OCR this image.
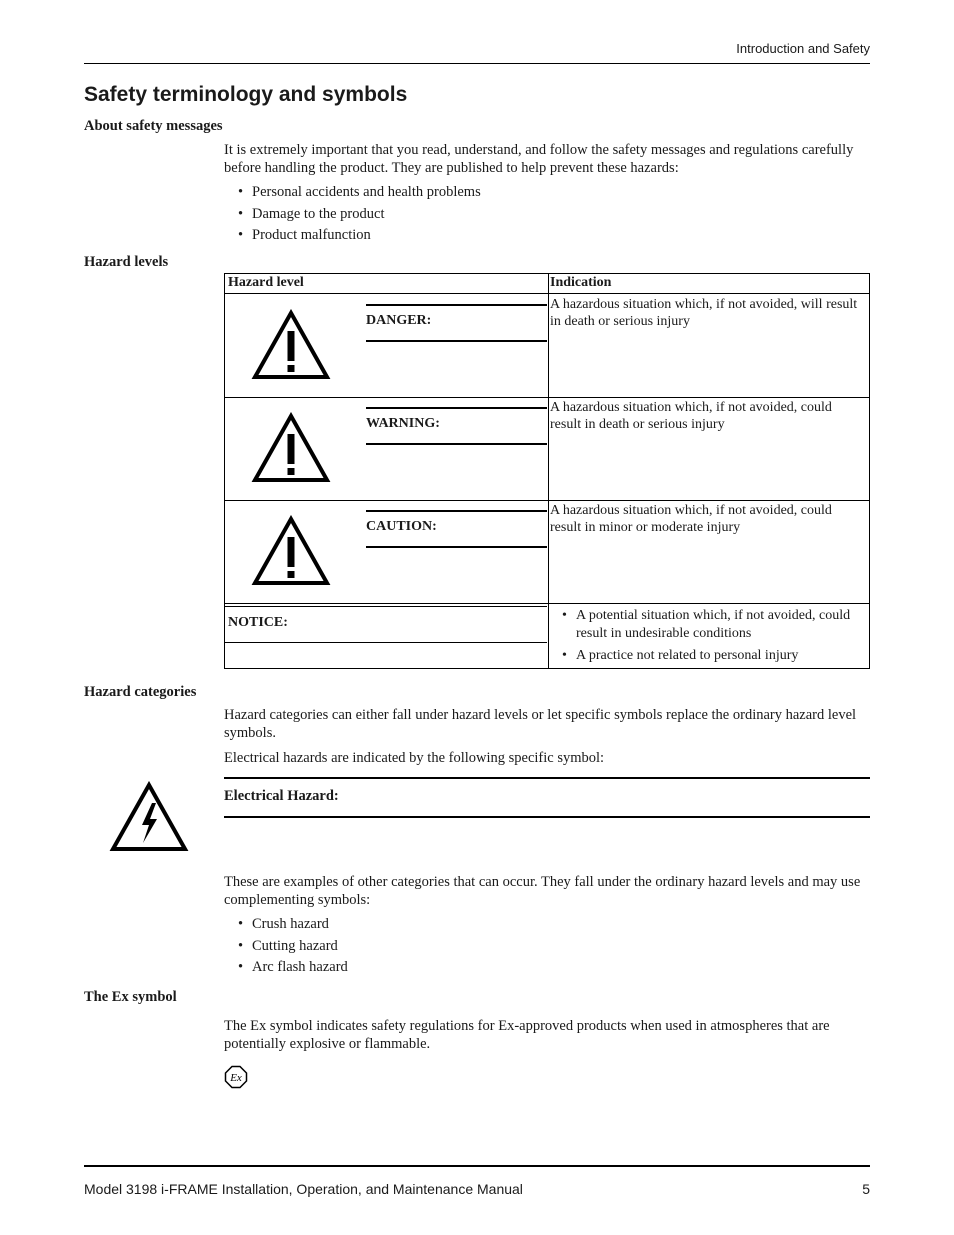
Introduction and Safety
Safety terminology and symbols
About safety messages
It is extremely important that you read, understand, and follow the safety messages and regulations carefully before handling the product. They are published to help prevent these hazards:
• Personal accidents and health problems
• Damage to the product
• Product malfunction
Hazard levels
Hazard level	Indication
DANGER:
A hazardous situation which, if not avoided, will result in death or serious injury
WARNING:
A hazardous situation which, if not avoided, could result in death or serious injury
CAUTION:
A hazardous situation which, if not avoided, could result in minor or moderate injury
NOTICE:
•	A potential situation which, if not avoided, could result in undesirable conditions
• A practice not related to personal injury
Hazard categories
Hazard categories can either fall under hazard levels or let specific symbols replace the ordinary hazard level symbols.
Electrical hazards are indicated by the following specific symbol:
Electrical Hazard:
These are examples of other categories that can occur. They fall under the ordinary hazard levels and may use complementing symbols:
• Crush hazard
• Cutting hazard
• Arc flash hazard
The Ex symbol
The Ex symbol indicates safety regulations for Ex-approved products when used in atmospheres that are potentially explosive or flammable.
Ex
Model 3198 i-FRAME Installation, Operation, and Maintenance Manual	5
